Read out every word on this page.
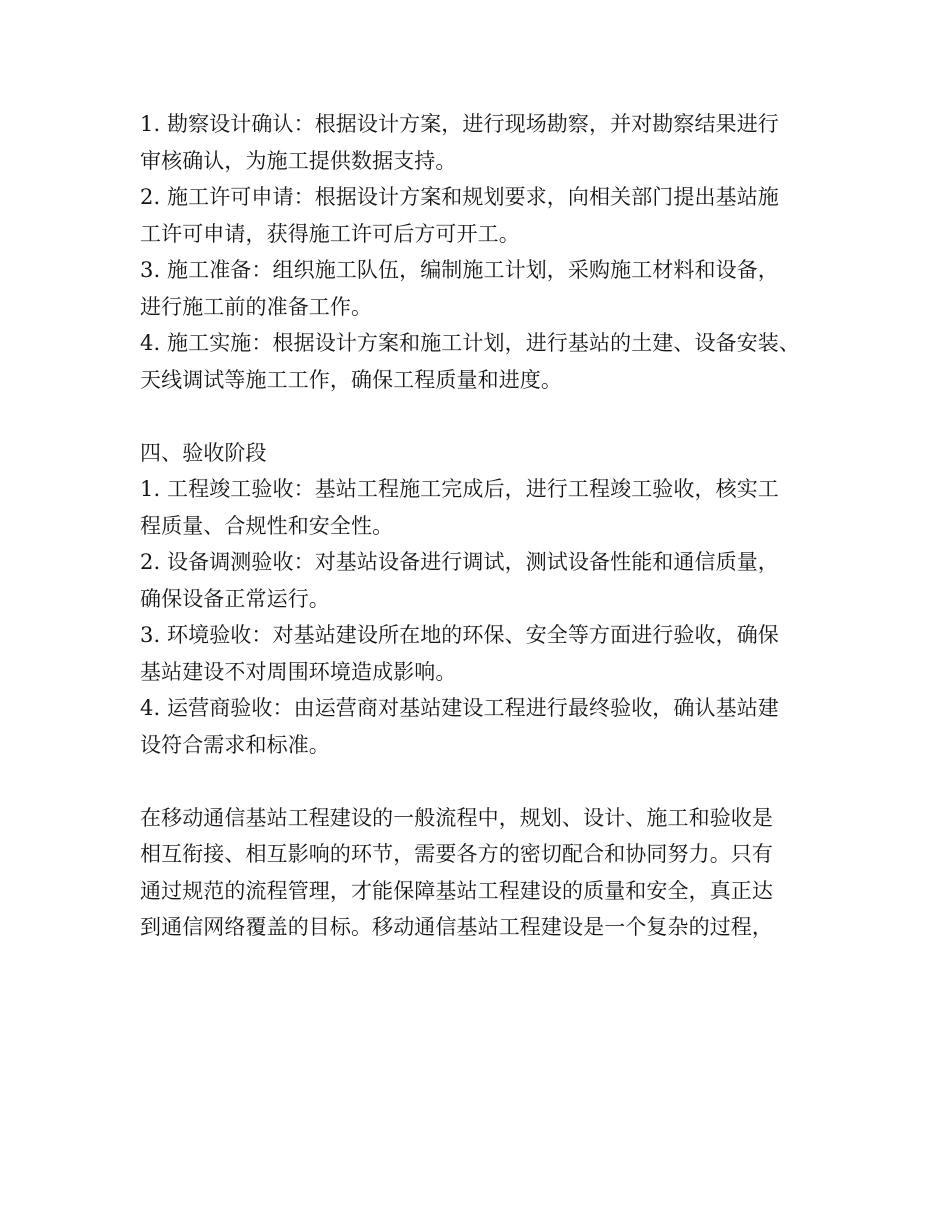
1. 勘察设计确认：根据设计方案，进行现场勘察，并对勘察结果进行
审核确认，为施工提供数据支持。
2. 施工许可申请：根据设计方案和规划要求，向相关部门提出基站施
工许可申请，获得施工许可后方可开工。
3. 施工准备：组织施工队伍，编制施工计划，采购施工材料和设备，
进行施工前的准备工作。
4. 施工实施：根据设计方案和施工计划，进行基站的土建、设备安装、
天线调试等施工工作，确保工程质量和进度。
四、验收阶段
1. 工程竣工验收：基站工程施工完成后，进行工程竣工验收，核实工
程质量、合规性和安全性。
2. 设备调测验收：对基站设备进行调试，测试设备性能和通信质量，
确保设备正常运行。
3. 环境验收：对基站建设所在地的环保、安全等方面进行验收，确保
基站建设不对周围环境造成影响。
4. 运营商验收：由运营商对基站建设工程进行最终验收，确认基站建
设符合需求和标准。
在移动通信基站工程建设的一般流程中，规划、设计、施工和验收是
相互衔接、相互影响的环节，需要各方的密切配合和协同努力。只有
通过规范的流程管理，才能保障基站工程建设的质量和安全，真正达
到通信网络覆盖的目标。移动通信基站工程建设是一个复杂的过程，
